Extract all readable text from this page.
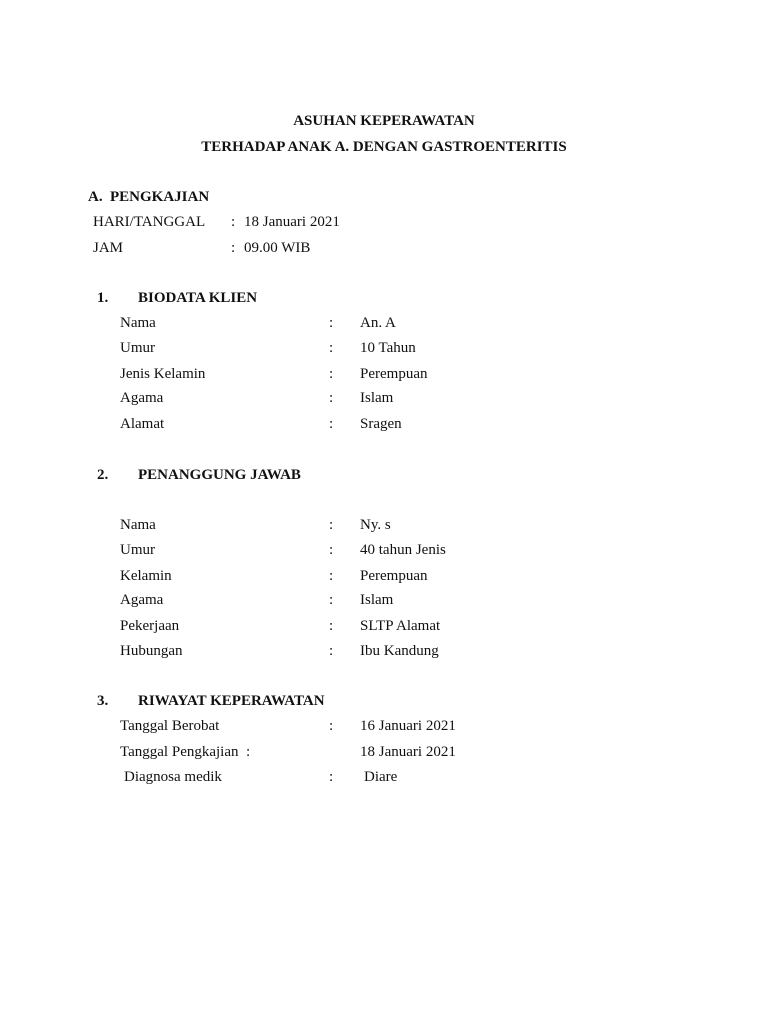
ASUHAN KEPERAWATAN
TERHADAP ANAK A. DENGAN GASTROENTERITIS
A. PENGKAJIAN
HARI/TANGGAL : 18 Januari 2021
JAM	: 09.00 WIB
1. BIODATA KLIEN
Nama	: An. A
Umur	: 10 Tahun
Jenis Kelamin	: Perempuan
Agama	: Islam
Alamat	: Sragen
2. PENANGGUNG JAWAB
Nama	: Ny. s
Umur	: 40 tahun Jenis
Kelamin	: Perempuan
Agama	: Islam
Pekerjaan	: SLTP Alamat
Hubungan	: Ibu Kandung
3. RIWAYAT KEPERAWATAN
Tanggal Berobat	: 16 Januari 2021
Tanggal Pengkajian  :	18 Januari 2021
Diagnosa medik	: Diare
